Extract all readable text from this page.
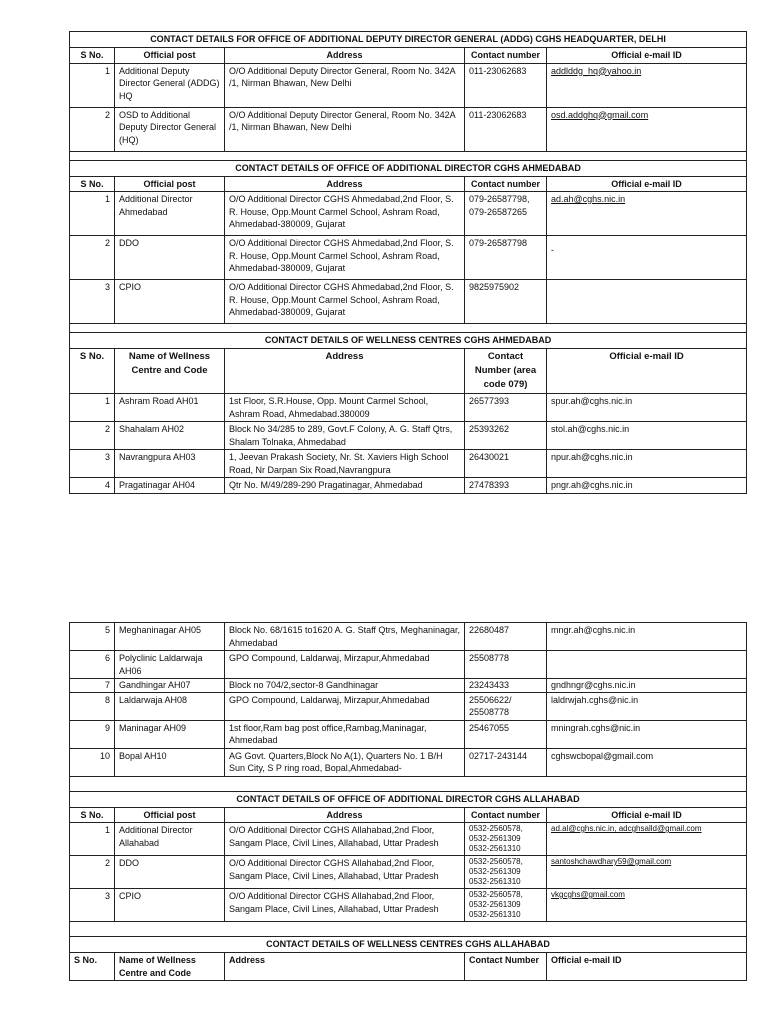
CONTACT DETAILS FOR OFFICE OF ADDITIONAL DEPUTY DIRECTOR GENERAL (ADDG) CGHS HEADQUARTER, DELHI				
S No.	Official post	Address	Contact number	Official e-mail ID
1	Additional Deputy Director General (ADDG) HQ	O/O Additional Deputy Director General, Room No. 342A /1, Nirman Bhawan, New Delhi	011-23062683	addlddg_hq@yahoo.in
2	OSD to Additional Deputy Director General (HQ)	O/O Additional Deputy Director General, Room No. 342A /1, Nirman Bhawan, New Delhi	011-23062683	osd.addghq@gmail.com

CONTACT DETAILS OF OFFICE OF ADDITIONAL DIRECTOR CGHS AHMEDABAD				
S No.	Official post	Address	Contact number	Official e-mail ID
1	Additional Director Ahmedabad	O/O Additional Director CGHS Ahmedabad,2nd Floor, S. R. House, Opp.Mount Carmel School, Ashram Road, Ahmedabad-380009, Gujarat	079-26587798, 079-26587265	ad.ah@cghs.nic.in
2	DDO	O/O Additional Director CGHS Ahmedabad,2nd Floor, S. R. House, Opp.Mount Carmel School, Ashram Road, Ahmedabad-380009, Gujarat	079-26587798	-
3	CPIO	O/O Additional Director CGHS Ahmedabad,2nd Floor, S. R. House, Opp.Mount Carmel School, Ashram Road, Ahmedabad-380009, Gujarat	9825975902	

CONTACT DETAILS OF WELLNESS CENTRES CGHS AHMEDABAD				
S No.	Name of Wellness Centre and Code	Address	Contact Number (area code 079)	Official e-mail ID
1	Ashram Road AH01	1st Floor, S.R.House, Opp. Mount Carmel School, Ashram Road, Ahmedabad.380009	26577393	spur.ah@cghs.nic.in
2	Shahalam AH02	Block No 34/285 to 289, Govt.F Colony, A. G. Staff Qtrs, Shalam Tolnaka, Ahmedabad	25393262	stol.ah@cghs.nic.in
3	Navrangpura AH03	1, Jeevan Prakash Society, Nr. St. Xaviers High School Road, Nr Darpan Six Road,Navrangpura	26430021	npur.ah@cghs.nic.in
4	Pragatinagar AH04	Qtr No. M/49/289-290 Pragatinagar, Ahmedabad	27478393	pngr.ah@cghs.nic.in
5	Meghaninagar AH05	Block No. 68/1615 to1620 A. G. Staff Qtrs, Meghaninagar, Ahmedabad	22680487	mngr.ah@cghs.nic.in
6	Polyclinic Laldarwaja AH06	GPO Compound, Laldarwaj, Mirzapur,Ahmedabad	25508778	
7	Gandhingar AH07	Block no 704/2,sector-8 Gandhinagar	23243433	gndhngr@cghs.nic.in
8	Laldarwaja AH08	GPO Compound, Laldarwaj, Mirzapur,Ahmedabad	25506622/ 25508778	laldrwjah.cghs@nic.in
9	Maninagar AH09	1st floor,Ram bag post office,Rambag,Maninagar, Ahmedabad	25467055	mningrah.cghs@nic.in
10	Bopal AH10	AG Govt. Quarters,Block No A(1), Quarters No. 1 B/H Sun City, S P ring road, Bopal,Ahmedabad-	02717-243144	cghswcbopal@gmail.com

CONTACT DETAILS OF OFFICE OF ADDITIONAL DIRECTOR CGHS ALLAHABAD				
S No.	Official post	Address	Contact number	Official e-mail ID
1	Additional Director Allahabad	O/O Additional Director CGHS Allahabad,2nd Floor, Sangam Place, Civil Lines, Allahabad, Uttar Pradesh	0532-2560578, 0532-2561309 0532-2561310	ad.al@cghs.nic.in, adcghsalld@gmail.com
2	DDO	O/O Additional Director CGHS Allahabad,2nd Floor, Sangam Place, Civil Lines, Allahabad, Uttar Pradesh	0532-2560578, 0532-2561309 0532-2561310	santoshchawdhary59@gmail.com
3	CPIO	O/O Additional Director CGHS Allahabad,2nd Floor, Sangam Place, Civil Lines, Allahabad, Uttar Pradesh	0532-2560578, 0532-2561309 0532-2561310	vkgcghs@gmail.com

CONTACT DETAILS OF WELLNESS CENTRES CGHS ALLAHABAD				
S No.	Name of Wellness Centre and Code	Address	Contact Number	Official e-mail ID
